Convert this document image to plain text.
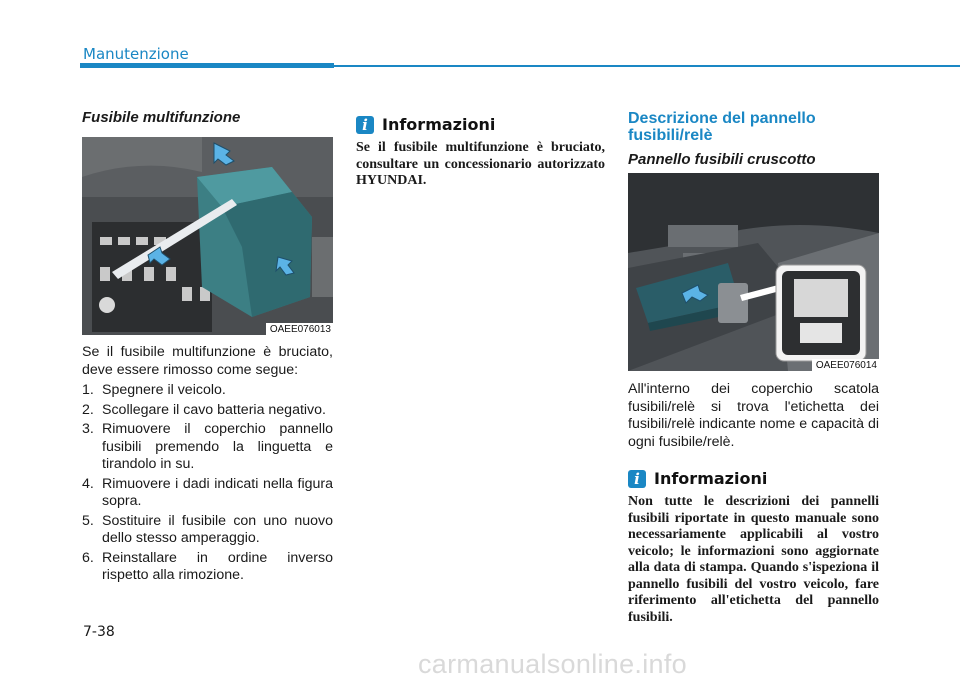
Manutenzione
Fusibile multifunzione
OAEE076013

Se il fusibile multifunzione è bruciato, deve essere rimosso come segue:

1. Spegnere il veicolo.
2. Scollegare il cavo batteria negativo.
3. Rimuovere il coperchio pannello fusibili premendo la linguetta e tirandolo in su.
4. Rimuovere i dadi indicati nella figura sopra.
5. Sostituire il fusibile con uno nuovo dello stesso amperaggio.
6. Reinstallare in ordine inverso rispetto alla rimozione.
i Informazioni
Se il fusibile multifunzione è bruciato, consultare un concessionario autorizzato HYUNDAI.
Descrizione del pannello fusibili/relè
Pannello fusibili cruscotto
OAEE076014

All'interno dei coperchio scatola fusibili/relè si trova l'etichetta dei fusibili/relè indicante nome e capacità di ogni fusibile/relè.

i Informazioni
Non tutte le descrizioni dei pannelli fusibili riportate in questo manuale sono necessariamente applicabili al vostro veicolo; le informazioni sono aggiornate alla data di stampa. Quando s'ispeziona il pannello fusibili del vostro veicolo, fare riferimento all'etichetta del pannello fusibili.
7-38
carmanualsonline.info
